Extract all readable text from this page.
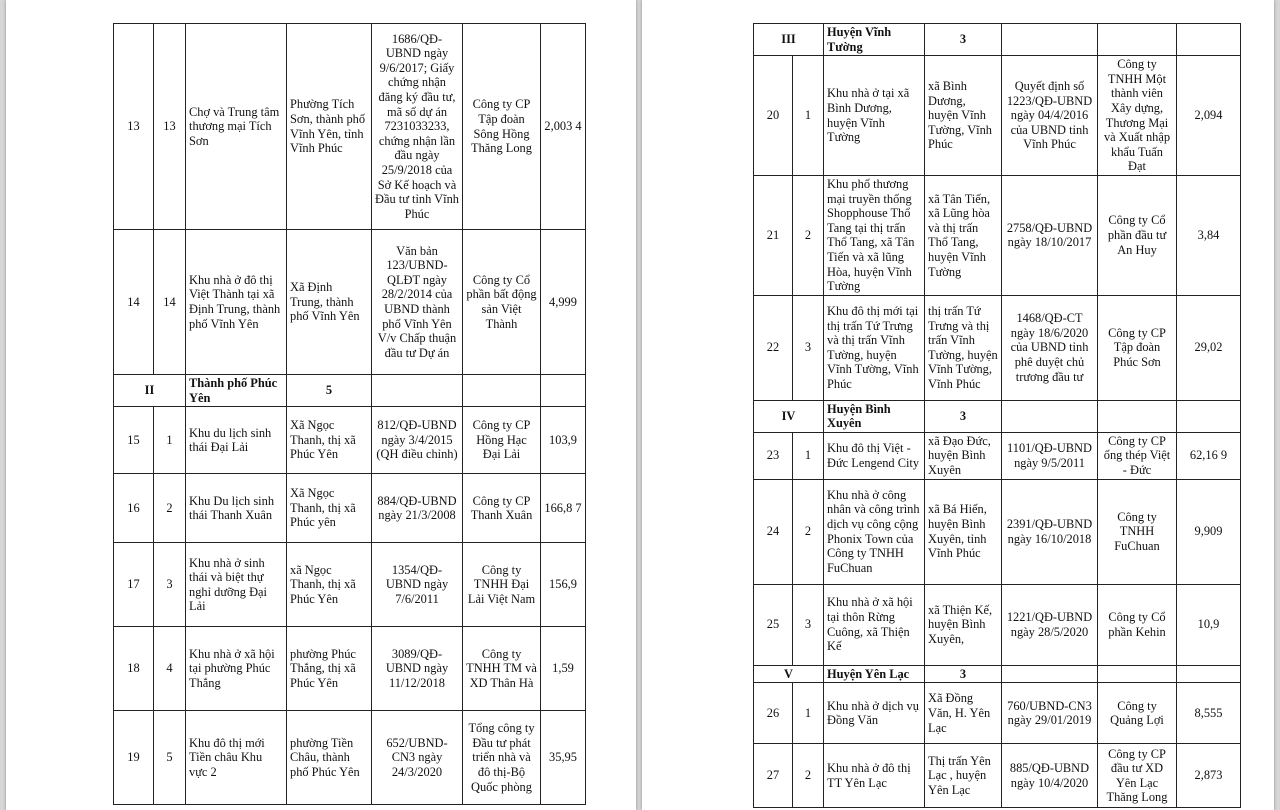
13	13	Chợ và Trung tâm thương mại Tích Sơn	Phường Tích Sơn, thành phố Vĩnh Yên, tỉnh Vĩnh Phúc	1686/QĐ-UBND ngày 9/6/2017; Giấy chứng nhận đăng ký đầu tư, mã số dự án 7231033233, chứng nhận lần đầu ngày 25/9/2018 của Sở Kế hoạch và Đầu tư tỉnh Vĩnh Phúc	Công ty CP Tập đoàn Sông Hồng Thăng Long	2,003 4
14	14	Khu nhà ở đô thị Việt Thành tại xã Định Trung, thành phố Vĩnh Yên	Xã Định Trung, thành phố Vĩnh Yên	Văn bản 123/UBND-QLĐT ngày 28/2/2014 của UBND thành phố Vĩnh Yên V/v Chấp thuận đầu tư Dự án	Công ty Cổ phần bất động sản Việt Thành	4,999
II		Thành phố Phúc Yên	5			
15	1	Khu du lịch sinh thái Đại Lải	Xã Ngọc Thanh, thị xã Phúc Yên	812/QĐ-UBND ngày 3/4/2015 (QH điều chỉnh)	Công ty CP Hồng Hạc Đại Lải	103,9
16	2	Khu Du lịch sinh thái Thanh Xuân	Xã Ngọc Thanh, thị xã Phúc yên	884/QĐ-UBND ngày 21/3/2008	Công ty CP Thanh Xuân	166,8 7
17	3	Khu nhà ở sinh thái và biệt thự nghỉ dưỡng Đại Lải	xã Ngọc Thanh, thị xã Phúc Yên	1354/QĐ-UBND ngày 7/6/2011	Công ty TNHH Đại Lải Việt Nam	156,9
18	4	Khu nhà ở xã hội tại phường Phúc Thắng	phường Phúc Thắng, thị xã Phúc Yên	3089/QĐ-UBND ngày 11/12/2018	Công ty TNHH TM và XD Thân Hà	1,59
19	5	Khu đô thị mới Tiền châu Khu vực 2	phường Tiền Châu, thành phố Phúc Yên	652/UBND-CN3 ngày 24/3/2020	Tổng công ty Đầu tư phát triển nhà và đô thị-Bộ Quốc phòng	35,95
III		Huyện Vĩnh Tường	3			
20	1	Khu nhà ở tại xã Bình Dương, huyện Vĩnh Tường	xã Bình Dương, huyện Vĩnh Tường, Vĩnh Phúc	Quyết định số 1223/QĐ-UBND ngày 04/4/2016 của UBND tỉnh Vĩnh Phúc	Công ty TNHH Một thành viên Xây dựng, Thương Mại và Xuất nhập khẩu Tuấn Đạt	2,094
21	2	Khu phố thương mại truyền thống Shopphouse Thổ Tang tại thị trấn Thổ Tang, xã Tân Tiến và xã lũng Hòa, huyện Vĩnh Tường	xã Tân Tiến, xã Lũng hòa và thị trấn Thổ Tang, huyện Vĩnh Tường	2758/QĐ-UBND ngày 18/10/2017	Công ty Cổ phần đầu tư An Huy	3,84
22	3	Khu đô thị mới tại thị trấn Tứ Trưng và thị trấn Vĩnh Tường, huyện Vĩnh Tường, Vĩnh Phúc	thị trấn Tứ Trưng và thị trấn Vĩnh Tường, huyện Vĩnh Tường, Vĩnh Phúc	1468/QĐ-CT ngày 18/6/2020 của UBND tỉnh phê duyệt chủ trương đầu tư	Công ty CP Tập đoàn Phúc Sơn	29,02
IV		Huyện Bình Xuyên	3			
23	1	Khu đô thị Việt - Đức Lengend City	xã Đạo Đức, huyện Bình Xuyên	1101/QĐ-UBND ngày 9/5/2011	Công ty CP ống thép Việt - Đức	62,16 9
24	2	Khu nhà ở công nhân và công trình dịch vụ công cộng Phonix Town của Công ty TNHH FuChuan	xã Bá Hiến, huyện Bình Xuyên, tỉnh Vĩnh Phúc	2391/QĐ-UBND ngày 16/10/2018	Công ty TNHH FuChuan	9,909
25	3	Khu nhà ở xã hội tại thôn Rừng Cuông, xã Thiện Kế	xã Thiện Kế, huyện Bình Xuyên,	1221/QĐ-UBND ngày 28/5/2020	Công ty Cổ phần Kehin	10,9
V		Huyện Yên Lạc	3			
26	1	Khu nhà ở dịch vụ Đồng Văn	Xã Đồng Văn, H. Yên Lạc	760/UBND-CN3 ngày 29/01/2019	Công ty Quảng Lợi	8,555
27	2	Khu nhà ở đô thị TT Yên Lạc	Thị trấn Yên Lạc , huyện Yên Lạc	885/QĐ-UBND ngày 10/4/2020	Công ty CP đầu tư XD Yên Lạc Thăng Long	2,873
